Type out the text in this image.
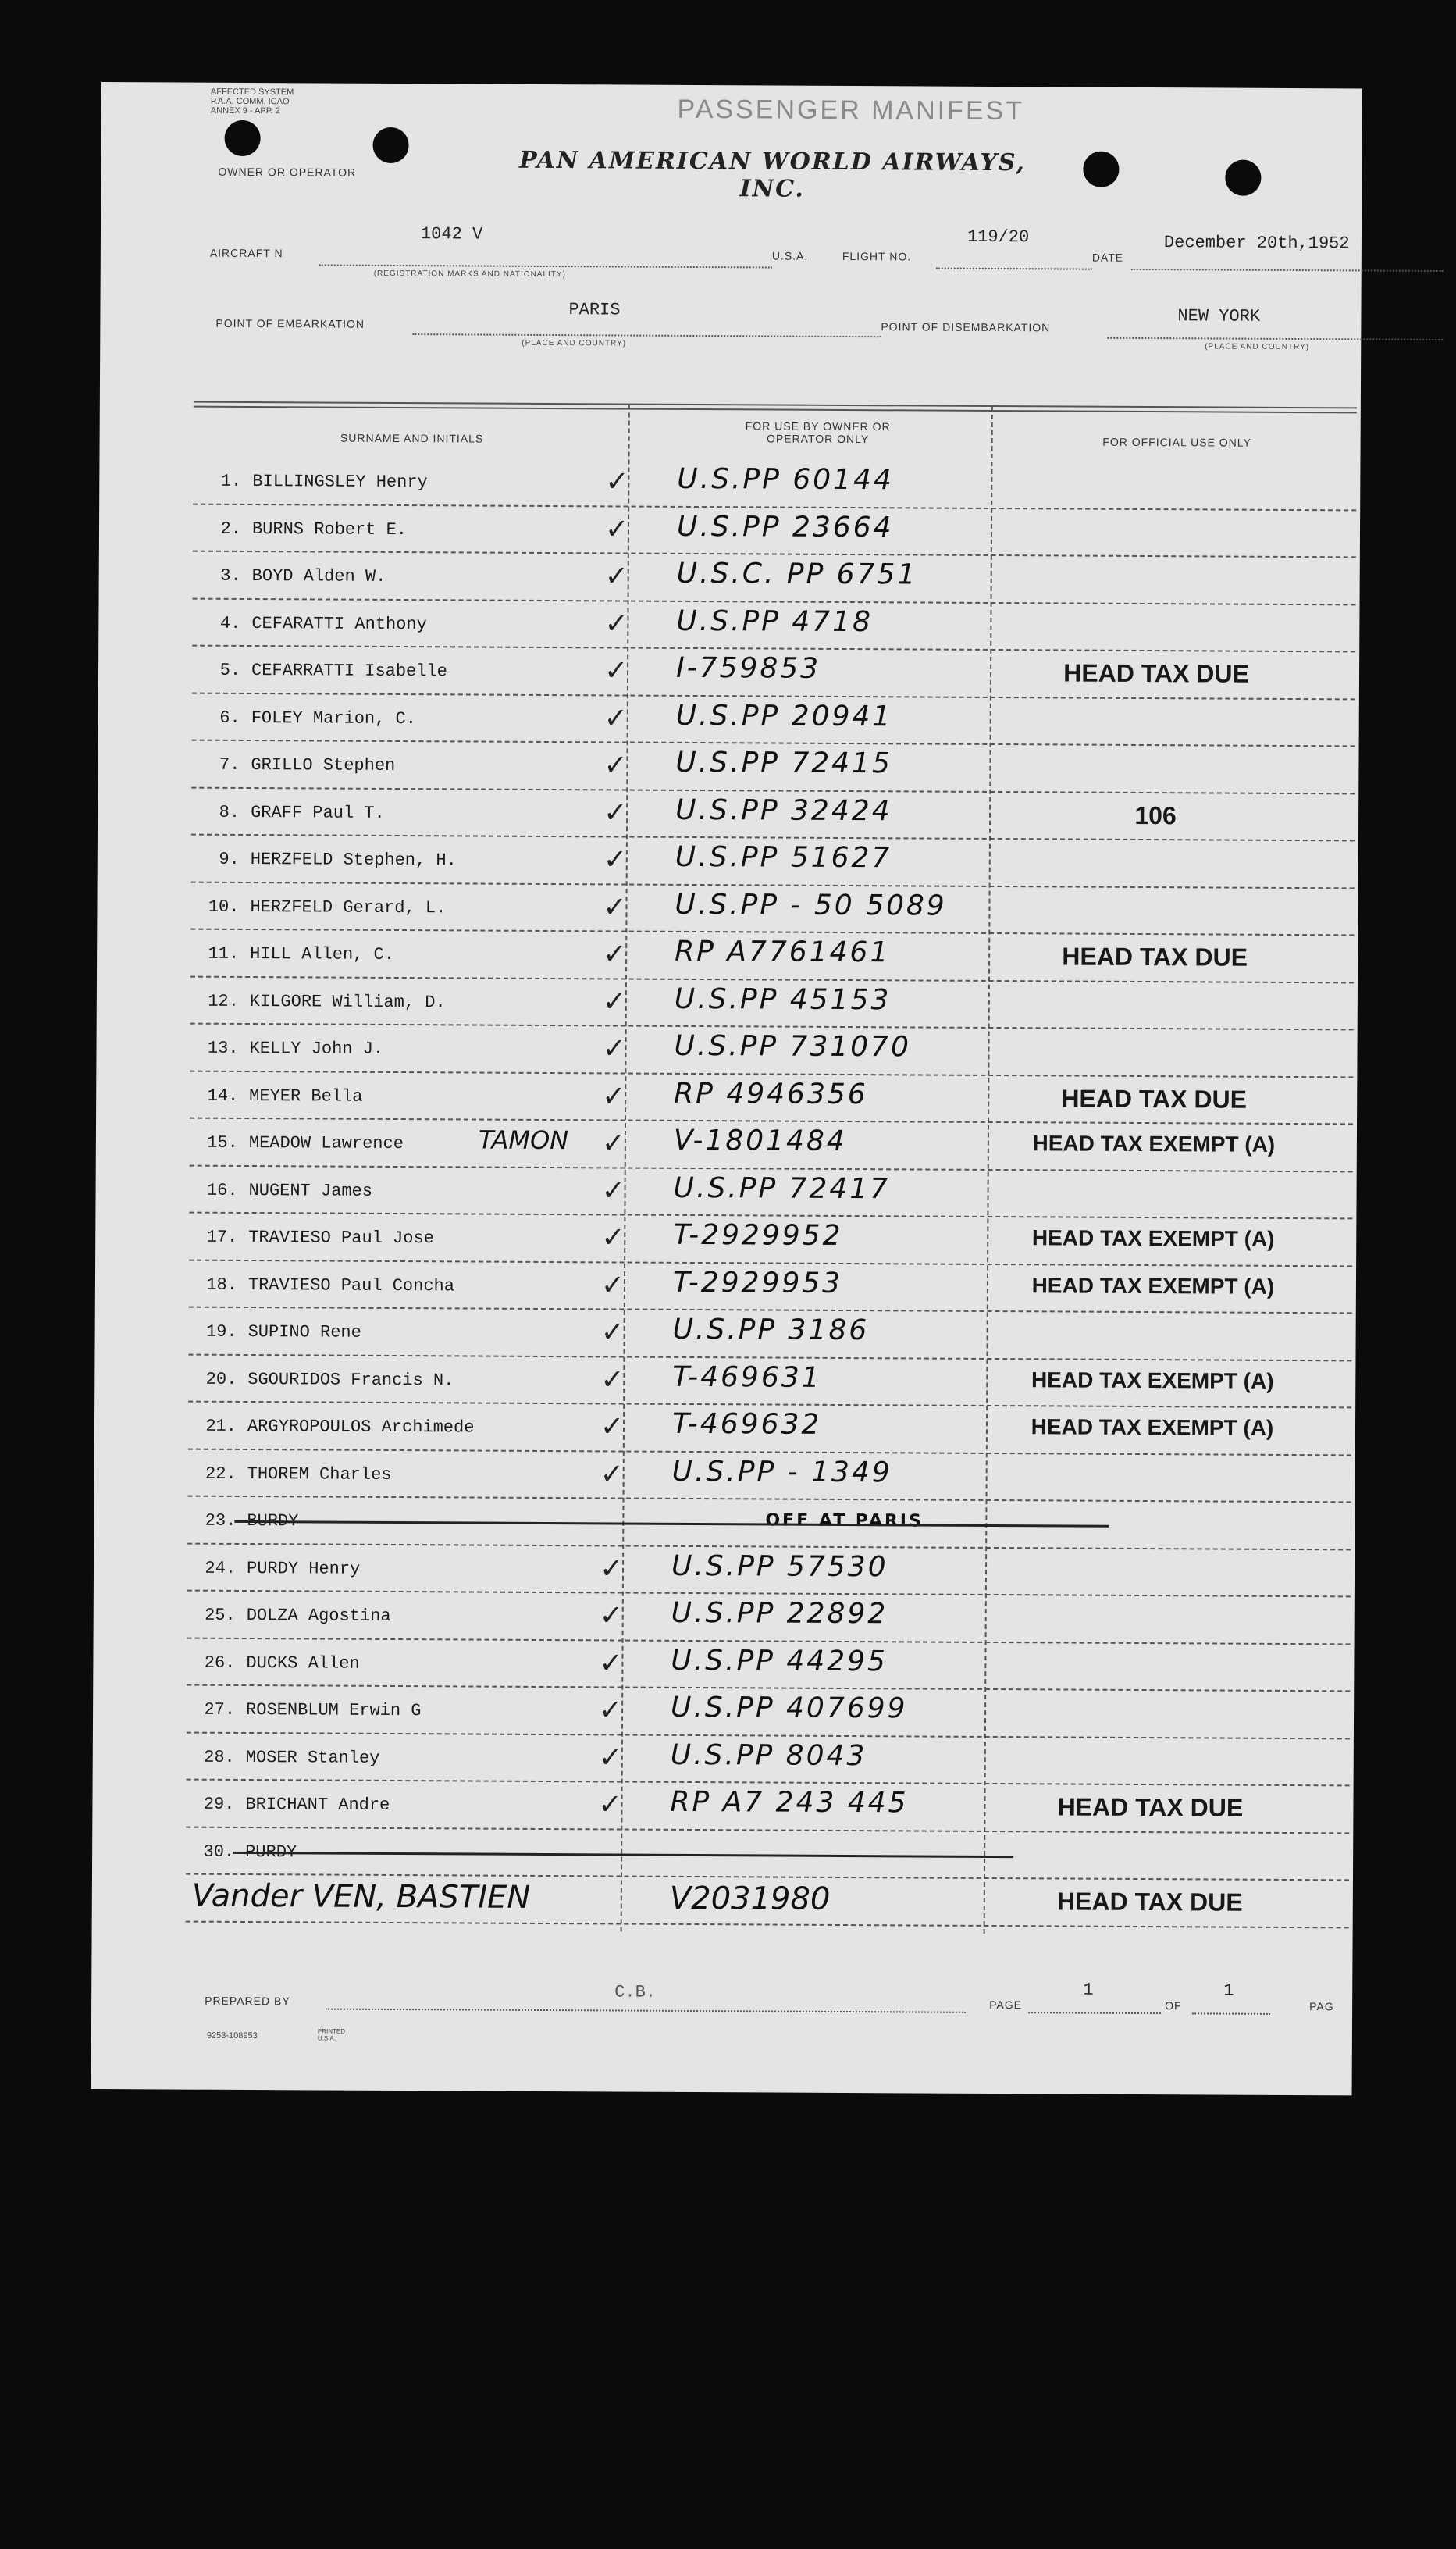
AFFECTED SYSTEM P.A.A. COMM. ICAO ANNEX 9 - APP. 2	PASSENGER MANIFEST
PAN AMERICAN WORLD AIRWAYS, INC.
OWNER OR OPERATOR
AIRCRAFT N
1042 V
(REGISTRATION MARKS AND NATIONALITY)
U.S.A.	FLIGHT NO.
119/20
DATE
December 20th,1952
POINT OF EMBARKATION
PARIS
(PLACE AND COUNTRY)
POINT OF DISEMBARKATION
NEW YORK
(PLACE AND COUNTRY)
SURNAME AND INITIALS
FOR USE BY OWNER OR OPERATOR ONLY	FOR OFFICIAL USE ONLY
1. BILLINGSLEY Henry	✓ U.S.PP 60144
2. BURNS Robert E.	✓ U.S.PP 23664
3. BOYD Alden W.	✓ U.S.C. PP 6751
4. CEFARATTI Anthony	✓ U.S.PP 4718
5. CEFARRATTI Isabelle	✓ I-759853	HEAD TAX DUE
6. FOLEY Marion, C.	✓ U.S.PP 20941
7. GRILLO Stephen	✓ U.S.PP 72415
8. GRAFF Paul T.	✓ U.S.PP 32424	106
9. HERZFELD Stephen, H.	✓ U.S.PP 51627
10. HERZFELD Gerard, L.	✓ U.S.PP - 50 5089
11. HILL Allen, C.	✓ RP A7761461	HEAD TAX DUE
12. KILGORE William, D.	✓ U.S.PP 45153
13. KELLY John J.	✓ U.S.PP 731070
14. MEYER Bella	✓ RP 4946356	HEAD TAX DUE
15. MEADOW Lawrence	TAMON ✓ V-1801484	HEAD TAX EXEMPT (A)
16. NUGENT James	✓ U.S.PP 72417
17. TRAVIESO Paul Jose	✓ T-2929952	HEAD TAX EXEMPT (A)
18. TRAVIESO Paul Concha	✓ T-2929953	HEAD TAX EXEMPT (A)
19. SUPINO Rene	✓ U.S.PP 3186
20. SGOURIDOS Francis N.	✓ T-469631	HEAD TAX EXEMPT (A)
21. ARGYROPOULOS Archimede	✓ T-469632	HEAD TAX EXEMPT (A)
22. THOREM Charles	✓ U.S.PP - 1349
23. BURDY	OFF AT PARIS
24. PURDY Henry	✓ U.S.PP 57530
25. DOLZA Agostina	✓ U.S.PP 22892
26. DUCKS Allen	✓ U.S.PP 44295
27. ROSENBLUM Erwin G	✓ U.S.PP 407699
28. MOSER Stanley	✓ U.S.PP 8043
29. BRICHANT Andre	✓ RP A7 243 445	HEAD TAX DUE
30. PURDY
Vander VEN, BASTIEN	V2031980	HEAD TAX DUE
PREPARED BY	C.B.
PAGE
1
OF
1
PAG
9253-108953	PRINTED U.S.A.
